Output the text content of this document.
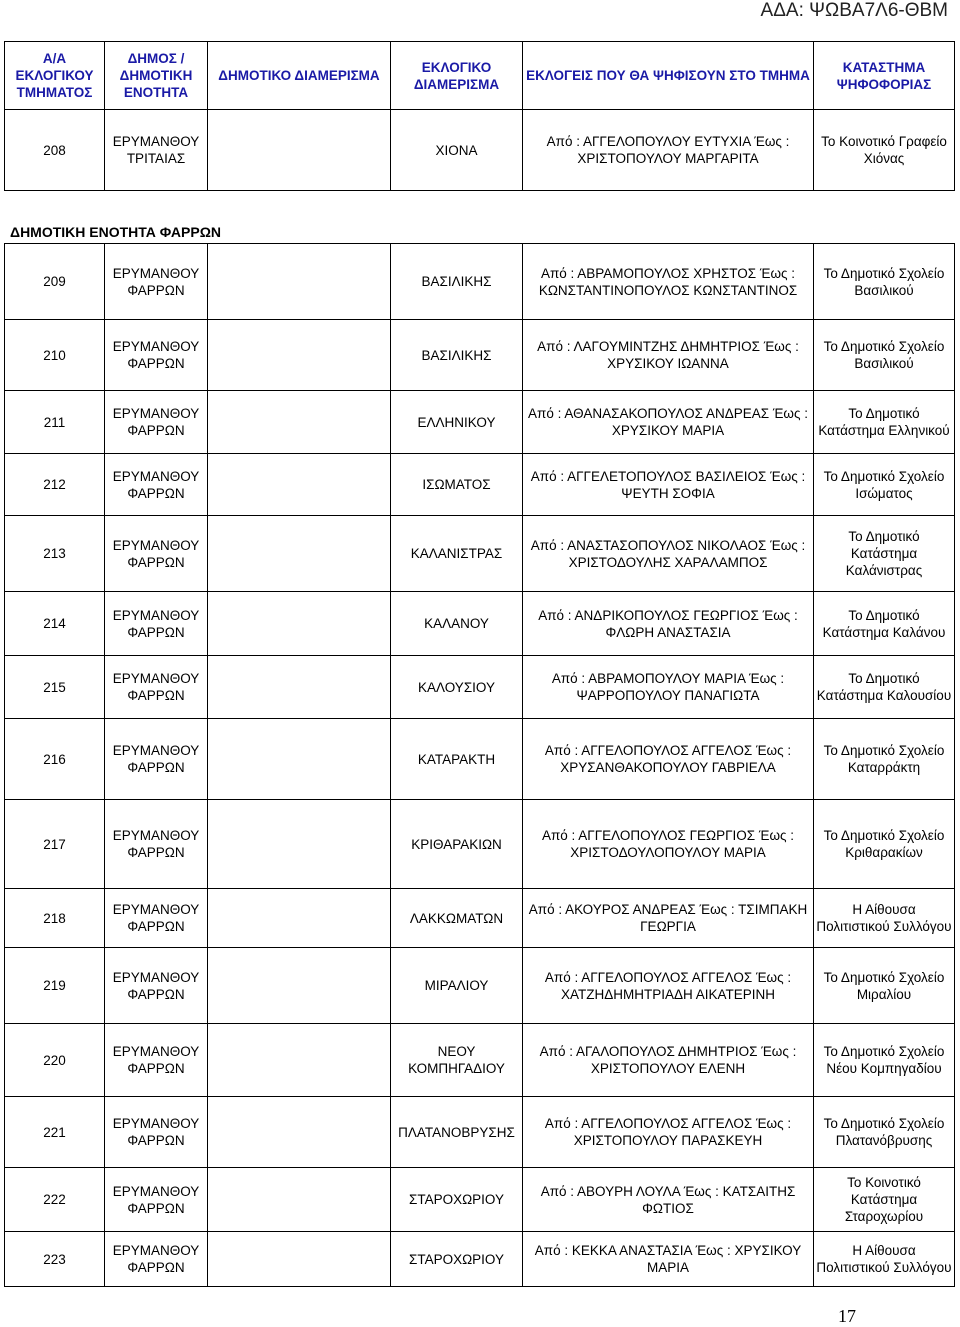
ΑΔΑ: ΨΩΒΑ7Λ6-ΘΒΜ
Α/Α ΕΚΛΟΓΙΚΟΥ ΤΜΗΜΑΤΟΣ	ΔΗΜΟΣ / ΔΗΜΟΤΙΚΗ ΕΝΟΤΗΤΑ	ΔΗΜΟΤΙΚΟ ΔΙΑΜΕΡΙΣΜΑ	ΕΚΛΟΓΙΚΟ ΔΙΑΜΕΡΙΣΜΑ	ΕΚΛΟΓΕΙΣ ΠΟΥ ΘΑ ΨΗΦΙΣΟΥΝ ΣΤΟ ΤΜΗΜΑ	ΚΑΤΑΣΤΗΜΑ ΨΗΦΟΦΟΡΙΑΣ
208	ΕΡΥΜΑΝΘΟΥ ΤΡΙΤΑΙΑΣ		ΧΙΟΝΑ	Από : ΑΓΓΕΛΟΠΟΥΛΟΥ ΕΥΤΥΧΙΑ Έως : ΧΡΙΣΤΟΠΟΥΛΟΥ ΜΑΡΓΑΡΙΤΑ	Το Κοινοτικό Γραφείο Χιόνας
ΔΗΜΟΤΙΚΗ ΕΝΟΤΗΤΑ ΦΑΡΡΩΝ
209	ΕΡΥΜΑΝΘΟΥ ΦΑΡΡΩΝ		ΒΑΣΙΛΙΚΗΣ	Από : ΑΒΡΑΜΟΠΟΥΛΟΣ ΧΡΗΣΤΟΣ Έως : ΚΩΝΣΤΑΝΤΙΝΟΠΟΥΛΟΣ ΚΩΝΣΤΑΝΤΙΝΟΣ	Το Δημοτικό Σχολείο Βασιλικού
210	ΕΡΥΜΑΝΘΟΥ ΦΑΡΡΩΝ		ΒΑΣΙΛΙΚΗΣ	Από : ΛΑΓΟΥΜΙΝΤΖΗΣ ΔΗΜΗΤΡΙΟΣ Έως : ΧΡΥΣΙΚΟΥ ΙΩΑΝΝΑ	Το Δημοτικό Σχολείο Βασιλικού
211	ΕΡΥΜΑΝΘΟΥ ΦΑΡΡΩΝ		ΕΛΛΗΝΙΚΟΥ	Από : ΑΘΑΝΑΣΑΚΟΠΟΥΛΟΣ ΑΝΔΡΕΑΣ Έως : ΧΡΥΣΙΚΟΥ ΜΑΡΙΑ	Το Δημοτικό Κατάστημα Ελληνικού
212	ΕΡΥΜΑΝΘΟΥ ΦΑΡΡΩΝ		ΙΣΩΜΑΤΟΣ	Από : ΑΓΓΕΛΕΤΟΠΟΥΛΟΣ ΒΑΣΙΛΕΙΟΣ Έως : ΨΕΥΤΗ ΣΟΦΙΑ	Το Δημοτικό Σχολείο Ισώματος
213	ΕΡΥΜΑΝΘΟΥ ΦΑΡΡΩΝ		ΚΑΛΑΝΙΣΤΡΑΣ	Από : ΑΝΑΣΤΑΣΟΠΟΥΛΟΣ ΝΙΚΟΛΑΟΣ Έως : ΧΡΙΣΤΟΔΟΥΛΗΣ ΧΑΡΑΛΑΜΠΟΣ	Το Δημοτικό Κατάστημα Καλάνιστρας
214	ΕΡΥΜΑΝΘΟΥ ΦΑΡΡΩΝ		ΚΑΛΑΝΟΥ	Από : ΑΝΔΡΙΚΟΠΟΥΛΟΣ ΓΕΩΡΓΙΟΣ Έως : ΦΛΩΡΗ ΑΝΑΣΤΑΣΙΑ	Το Δημοτικό Κατάστημα Καλάνου
215	ΕΡΥΜΑΝΘΟΥ ΦΑΡΡΩΝ		ΚΑΛΟΥΣΙΟΥ	Από : ΑΒΡΑΜΟΠΟΥΛΟΥ ΜΑΡΙΑ Έως : ΨΑΡΡΟΠΟΥΛΟΥ ΠΑΝΑΓΙΩΤΑ	Το Δημοτικό Κατάστημα Καλουσίου
216	ΕΡΥΜΑΝΘΟΥ ΦΑΡΡΩΝ		ΚΑΤΑΡΑΚΤΗ	Από : ΑΓΓΕΛΟΠΟΥΛΟΣ ΑΓΓΕΛΟΣ Έως : ΧΡΥΣΑΝΘΑΚΟΠΟΥΛΟΥ ΓΑΒΡΙΕΛΑ	Το Δημοτικό Σχολείο Καταρράκτη
217	ΕΡΥΜΑΝΘΟΥ ΦΑΡΡΩΝ		ΚΡΙΘΑΡΑΚΙΩΝ	Από : ΑΓΓΕΛΟΠΟΥΛΟΣ ΓΕΩΡΓΙΟΣ Έως : ΧΡΙΣΤΟΔΟΥΛΟΠΟΥΛΟΥ ΜΑΡΙΑ	Το Δημοτικό Σχολείο Κριθαρακίων
218	ΕΡΥΜΑΝΘΟΥ ΦΑΡΡΩΝ		ΛΑΚΚΩΜΑΤΩΝ	Από : ΑΚΟΥΡΟΣ ΑΝΔΡΕΑΣ Έως : ΤΣΙΜΠΑΚΗ ΓΕΩΡΓΙΑ	Η Αίθουσα Πολιτιστικού Συλλόγου
219	ΕΡΥΜΑΝΘΟΥ ΦΑΡΡΩΝ		ΜΙΡΑΛΙΟΥ	Από : ΑΓΓΕΛΟΠΟΥΛΟΣ ΑΓΓΕΛΟΣ Έως : ΧΑΤΖΗΔΗΜΗΤΡΙΑΔΗ ΑΙΚΑΤΕΡΙΝΗ	Το Δημοτικό Σχολείο Μιραλίου
220	ΕΡΥΜΑΝΘΟΥ ΦΑΡΡΩΝ		ΝΕΟΥ ΚΟΜΠΗΓΑΔΙΟΥ	Από : ΑΓΑΛΟΠΟΥΛΟΣ ΔΗΜΗΤΡΙΟΣ Έως : ΧΡΙΣΤΟΠΟΥΛΟΥ ΕΛΕΝΗ	Το Δημοτικό Σχολείο Νέου Κομπηγαδίου
221	ΕΡΥΜΑΝΘΟΥ ΦΑΡΡΩΝ		ΠΛΑΤΑΝΟΒΡΥΣΗΣ	Από : ΑΓΓΕΛΟΠΟΥΛΟΣ ΑΓΓΕΛΟΣ Έως : ΧΡΙΣΤΟΠΟΥΛΟΥ ΠΑΡΑΣΚΕΥΗ	Το Δημοτικό Σχολείο Πλατανόβρυσης
222	ΕΡΥΜΑΝΘΟΥ ΦΑΡΡΩΝ		ΣΤΑΡΟΧΩΡΙΟΥ	Από : ΑΒΟΥΡΗ ΛΟΥΛΑ Έως : ΚΑΤΣΑΙΤΗΣ ΦΩΤΙΟΣ	Το Κοινοτικό Κατάστημα Σταροχωρίου
223	ΕΡΥΜΑΝΘΟΥ ΦΑΡΡΩΝ		ΣΤΑΡΟΧΩΡΙΟΥ	Από : ΚΕΚΚΑ ΑΝΑΣΤΑΣΙΑ Έως : ΧΡΥΣΙΚΟΥ ΜΑΡΙΑ	Η Αίθουσα Πολιτιστικού Συλλόγου
17
